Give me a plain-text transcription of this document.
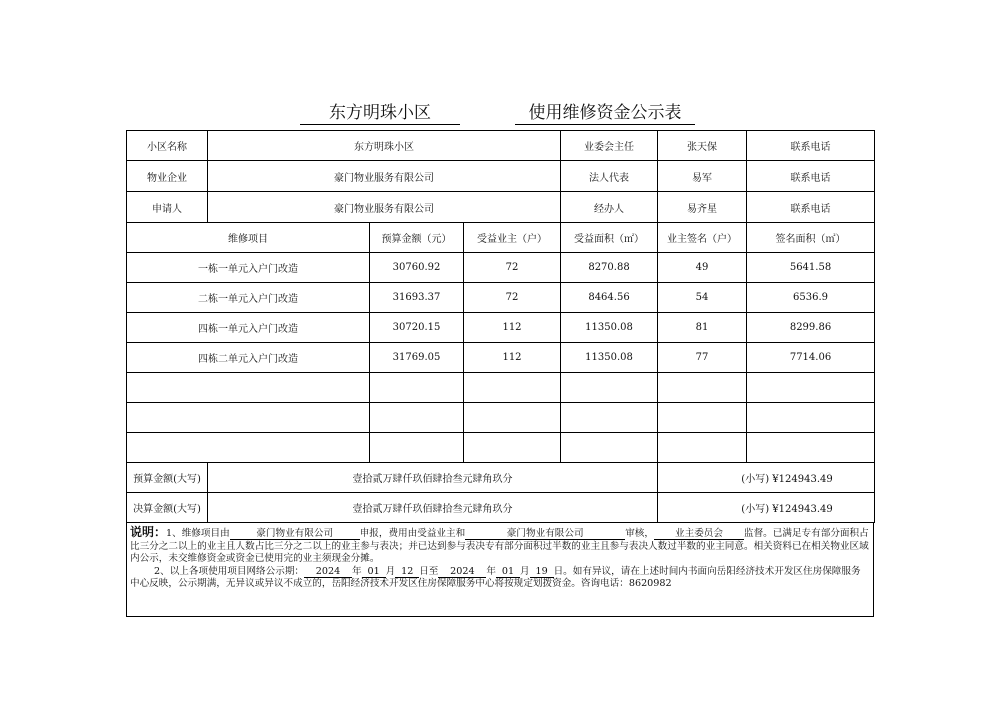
东方明珠小区	使用维修资金公示表
小区名称	东方明珠小区			业委会主任	张天保	联系电话	
物业企业	豪门物业服务有限公司			法人代表	易军	联系电话	
申请人	豪门物业服务有限公司			经办人	易齐星	联系电话	
维修项目		预算金额（元）	受益业主（户）	受益面积（㎡）	业主签名（户）	签名面积（㎡）	
一栋一单元入户门改造		30760.92	72	8270.88	49	5641.58	
二栋一单元入户门改造		31693.37	72	8464.56	54	6536.9	
四栋一单元入户门改造		30720.15	112	11350.08	81	8299.86	
四栋二单元入户门改造		31769.05	112	11350.08	77	7714.06	

预算金额(大写)	壹拾贰万肆仟玖佰肆拾叁元肆角玖分				(小写) ¥124943.49		
决算金额(大写)	壹拾贰万肆仟玖佰肆拾叁元肆角玖分				(小写) ¥124943.49		
说明：1、维修项目由	豪门物业有限公司	申报，费用由受益业主和	豪门物业有限公司	审核， 业主委员会 监督。已满足专有部分面积占比三分之二以上的业主且人数占比三分之二以上的业主参与表决；并已达到参与表决专有部分面积过半数的业主且参与表决人数过半数的业主同意。相关资料已在相关物业区域内公示，未交维修资金或资金已使用完的业主须现金分摊。
2、以上各项使用项目网络公示期： 2024 年 01 月 12 日至 2024 年 01 月 19 日。如有异议，请在上述时间内书面向岳阳经济技术开发区住房保障服务中心反映，公示期满，无异议或异议不成立的，岳阳经济技术开发区住房保障服务中心将按规定划拨资金。咨询电话：8620982
